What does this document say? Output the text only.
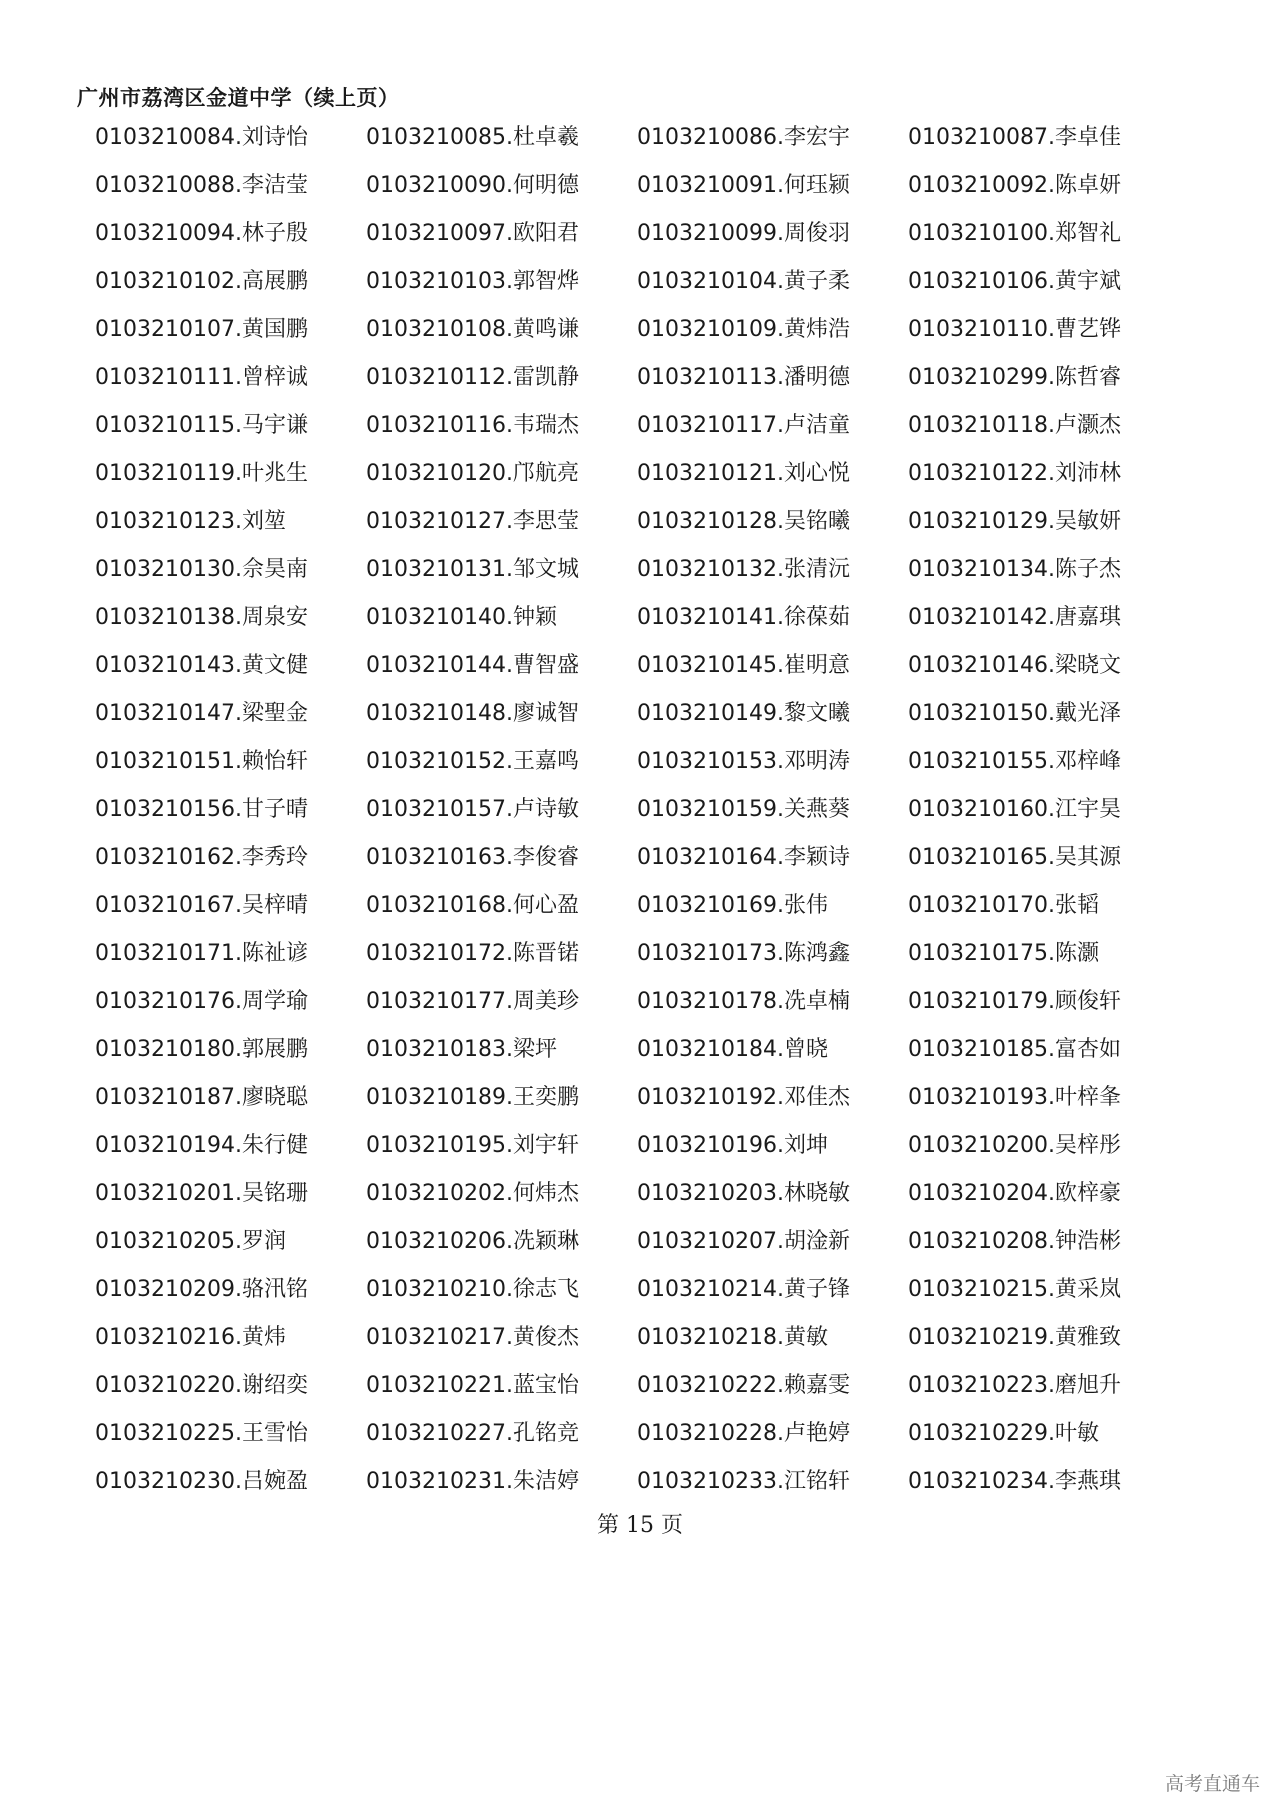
广州市荔湾区金道中学（续上页）
0103210084.刘诗怡	0103210085.杜卓羲	0103210086.李宏宇	0103210087.李卓佳
0103210088.李洁莹	0103210090.何明德	0103210091.何珏颍	0103210092.陈卓妍
0103210094.林子殷	0103210097.欧阳君	0103210099.周俊羽	0103210100.郑智礼
0103210102.高展鹏	0103210103.郭智烨	0103210104.黄子柔	0103210106.黄宇斌
0103210107.黄国鹏	0103210108.黄鸣谦	0103210109.黄炜浩	0103210110.曹艺铧
0103210111.曾梓诚	0103210112.雷凯静	0103210113.潘明德	0103210299.陈哲睿
0103210115.马宇谦	0103210116.韦瑞杰	0103210117.卢洁童	0103210118.卢灏杰
0103210119.叶兆生	0103210120.邝航亮	0103210121.刘心悦	0103210122.刘沛林
0103210123.刘堃	0103210127.李思莹	0103210128.吴铭曦	0103210129.吴敏妍
0103210130.佘昊南	0103210131.邹文城	0103210132.张清沅	0103210134.陈子杰
0103210138.周泉安	0103210140.钟颖	0103210141.徐葆茹	0103210142.唐嘉琪
0103210143.黄文健	0103210144.曹智盛	0103210145.崔明意	0103210146.梁晓文
0103210147.梁聖金	0103210148.廖诚智	0103210149.黎文曦	0103210150.戴光泽
0103210151.赖怡轩	0103210152.王嘉鸣	0103210153.邓明涛	0103210155.邓梓峰
0103210156.甘子晴	0103210157.卢诗敏	0103210159.关燕葵	0103210160.江宇昊
0103210162.李秀玲	0103210163.李俊睿	0103210164.李颖诗	0103210165.吴其源
0103210167.吴梓晴	0103210168.何心盈	0103210169.张伟	0103210170.张韬
0103210171.陈祉谚	0103210172.陈晋锘	0103210173.陈鸿鑫	0103210175.陈灏
0103210176.周学瑜	0103210177.周美珍	0103210178.冼卓楠	0103210179.顾俊轩
0103210180.郭展鹏	0103210183.梁坪	0103210184.曾晓	0103210185.富杏如
0103210187.廖晓聪	0103210189.王奕鹏	0103210192.邓佳杰	0103210193.叶梓夆
0103210194.朱行健	0103210195.刘宇轩	0103210196.刘坤	0103210200.吴梓彤
0103210201.吴铭珊	0103210202.何炜杰	0103210203.林晓敏	0103210204.欧梓豪
0103210205.罗润	0103210206.冼颖琳	0103210207.胡淦新	0103210208.钟浩彬
0103210209.骆汛铭	0103210210.徐志飞	0103210214.黄子锋	0103210215.黄采岚
0103210216.黄炜	0103210217.黄俊杰	0103210218.黄敏	0103210219.黄雅致
0103210220.谢绍奕	0103210221.蓝宝怡	0103210222.赖嘉雯	0103210223.磨旭升
0103210225.王雪怡	0103210227.孔铭竞	0103210228.卢艳婷	0103210229.叶敏
0103210230.吕婉盈	0103210231.朱洁婷	0103210233.江铭轩	0103210234.李燕琪
第 15 页
高考直通车
